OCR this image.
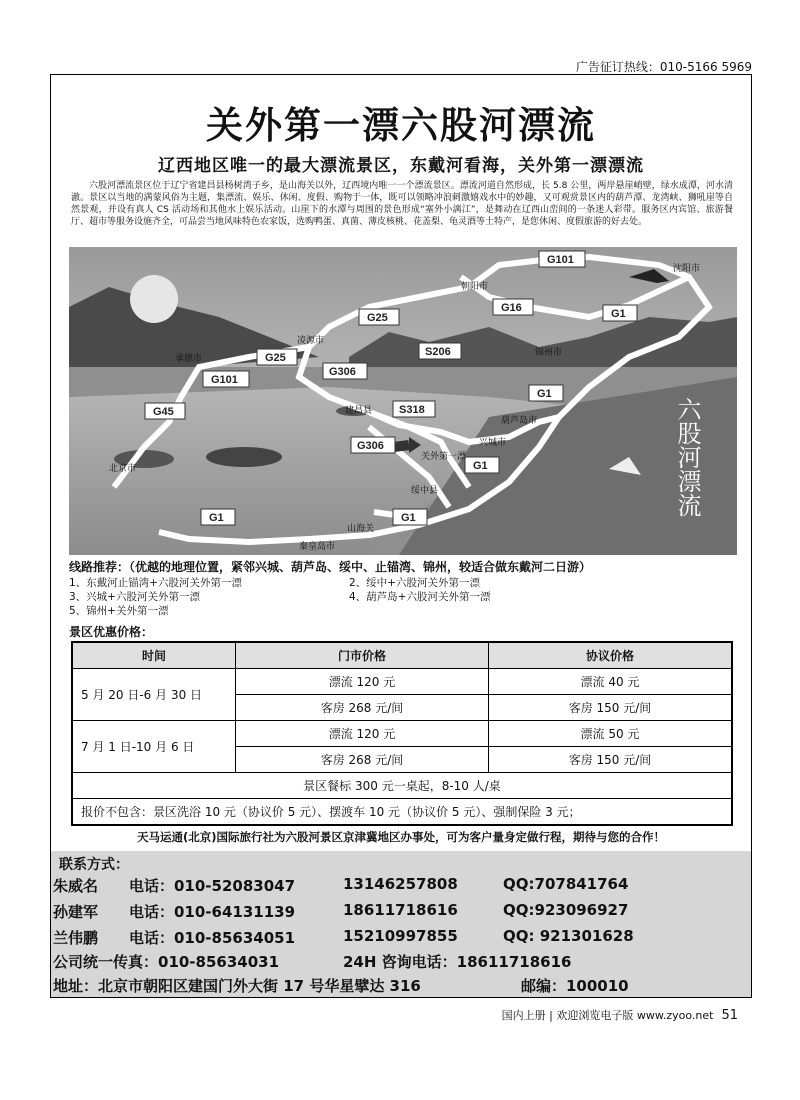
广告征订热线：010-5166 5969
关外第一漂六股河漂流
辽西地区唯一的最大漂流景区，东戴河看海，关外第一漂漂流
六股河漂流景区位于辽宁省建昌县杨树湾子乡，是山海关以外，辽西境内唯一一个漂流景区。漂流河道自然形成，长 5.8 公里，两岸悬崖峭壁，绿水成潭，河水清澈。景区以当地的满蒙风俗为主题，集漂流、娱乐、休闲、度假、购物于一体，既可以领略冲浪刺激嬉戏水中的妙趣，又可观赏景区内的葫芦潭、龙湾峡、狮吼崖等自然景观，并设有真人 CS 活动场和其他水上娱乐活动。山崖下的水潭与周围的景色形成“塞外小漓江”，是舞动在辽西山峦间的一条迷人彩带。服务区内宾馆、旅游餐厅、超市等服务设施齐全，可品尝当地风味特色农家饭，选购鸭蛋、真菌、薄皮核桃、花盖梨、龟灵酒等土特产，是您休闲、度假旅游的好去处。
G101
G25
G16	G1
G306
S206
G101
G25
G45	S318
G1
G1
G1
G1
G306
沈阳市
朝阳市
凌源市
承德市
锦州市
建昌县
葫芦岛市
兴城市
关外第一漂
北京市
绥中县
山海关
秦皇岛市
六股河漂流
线路推荐：（优越的地理位置，紧邻兴城、葫芦岛、绥中、止锚湾、锦州，较适合做东戴河二日游）
1、东戴河止锚湾+六股河关外第一漂	2、绥中+六股河关外第一漂
3、兴城+六股河关外第一漂	4、葫芦岛+六股河关外第一漂
5、锦州+关外第一漂
景区优惠价格：
时间	门市价格	协议价格
5 月 20 日-6 月 30 日	漂流 120 元	漂流 40 元
	客房 268 元/间	客房 150 元/间
7 月 1 日-10 月 6 日	漂流 120 元	漂流 50 元
	客房 268 元/间	客房 150 元/间
景区餐标 300 元一桌起，8-10 人/桌		
报价不包含：景区洗浴 10 元（协议价 5 元）、摆渡车 10 元（协议价 5 元）、强制保险 3 元；		
天马运通(北京)国际旅行社为六股河景区京津冀地区办事处，可为客户量身定做行程，期待与您的合作！
联系方式：
朱威名 电话：010-52083047	13146257808	QQ:707841764
孙建军 电话：010-64131139	18611718616	QQ:923096927
兰伟鹏 电话：010-85634051	15210997855	QQ: 921301628
公司统一传真：010-85634031	24H 咨询电话：18611718616
地址：北京市朝阳区建国门外大街 17 号华星擘达 316	邮编：100010
国内上册 | 欢迎浏览电子版 www.zyoo.net 51
